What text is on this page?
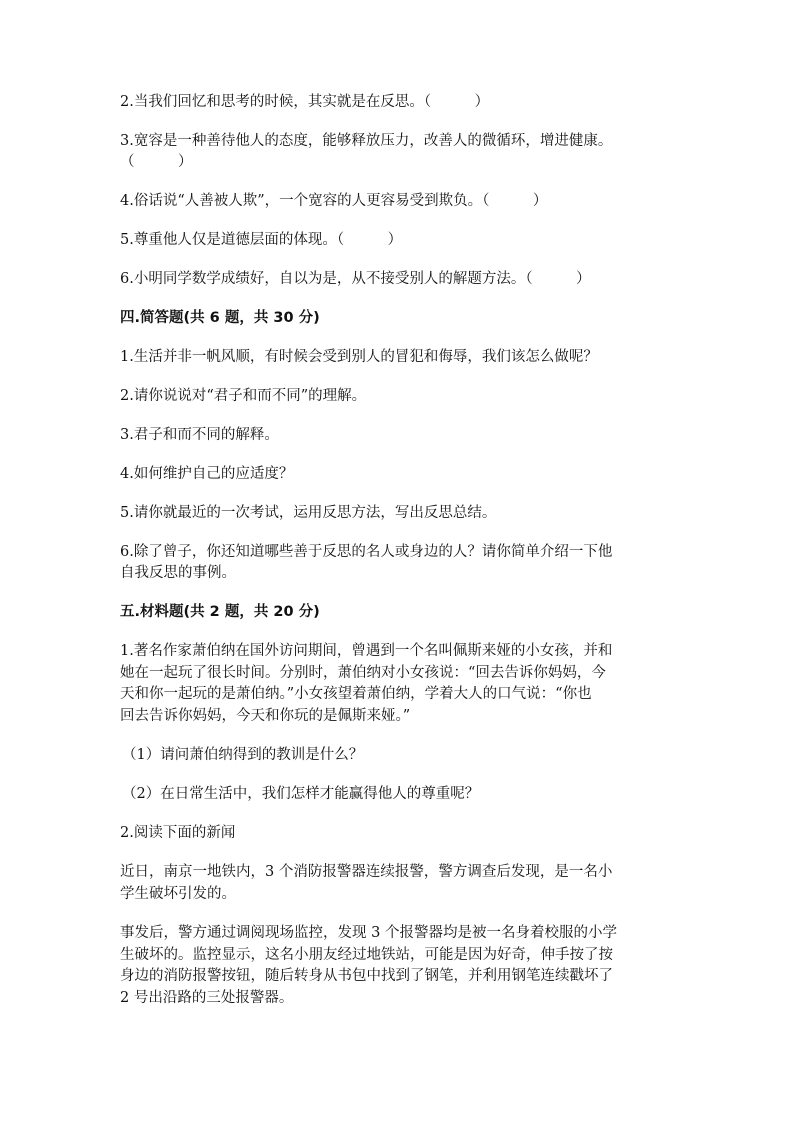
2.当我们回忆和思考的时候，其实就是在反思。（　　　）

3.宽容是一种善待他人的态度，能够释放压力，改善人的微循环，增进健康。

（　　　）

4.俗话说“人善被人欺”，一个宽容的人更容易受到欺负。（　　　）

5.尊重他人仅是道德层面的体现。（　　　）

6.小明同学数学成绩好，自以为是，从不接受别人的解题方法。（　　　）

四.简答题(共 6 题，共 30 分)

1.生活并非一帆风顺，有时候会受到别人的冒犯和侮辱，我们该怎么做呢？

2.请你说说对“君子和而不同”的理解。

3.君子和而不同的解释。

4.如何维护自己的应适度？

5.请你就最近的一次考试，运用反思方法，写出反思总结。

6.除了曾子，你还知道哪些善于反思的名人或身边的人？请你简单介绍一下他

自我反思的事例。

五.材料题(共 2 题，共 20 分)

1.著名作家萧伯纳在国外访问期间，曾遇到一个名叫佩斯来娅的小女孩，并和
她在一起玩了很长时间。分别时，萧伯纳对小女孩说：“回去告诉你妈妈，今
天和你一起玩的是萧伯纳。”小女孩望着萧伯纳，学着大人的口气说：“你也
回去告诉你妈妈，今天和你玩的是佩斯来娅。”

（1）请问萧伯纳得到的教训是什么？

（2）在日常生活中，我们怎样才能赢得他人的尊重呢？

2.阅读下面的新闻

近日，南京一地铁内，3 个消防报警器连续报警，警方调查后发现，是一名小
学生破坏引发的。
事发后，警方通过调阅现场监控，发现 3 个报警器均是被一名身着校服的小学
生破坏的。监控显示，这名小朋友经过地铁站，可能是因为好奇，伸手按了按
身边的消防报警按钮，随后转身从书包中找到了钢笔，并利用钢笔连续戳坏了
2 号出沿路的三处报警器。
